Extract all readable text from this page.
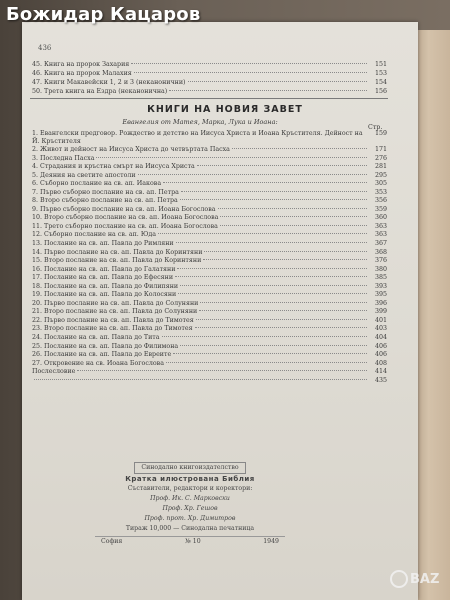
Божидар Кацаров
436
45. Книга на пророк Захария	151
46. Книга на пророк Малахия	153
47. Книги Макавейски 1, 2 и 3 (неканонични)	154
50. Трета книга на Ездра (неканонична)	156
КНИГИ НА НОВИЯ ЗАВЕТ
Евангелия от Матея, Марка, Лука и Иоана:
Стр.
1. Евангелски предговор. Рождество и детство на Иисуса Христа и Иоана Кръстителя. Дейност на Й. Кръстителя
159
2. Живот и дейност на Иисуса Христа до четвъртата Пасха	171
3. Последна Пасха	276
4. Страдания и кръстна смърт на Иисуса Христа	281
5. Деяния на светите апостоли	295
6. Съборно послание на св. ап. Иакова	305
7. Първо съборно послание на св. ап. Петра	353
8. Второ съборно послание на св. ап. Петра	356
9. Първо съборно послание на св. ап. Иоана Богослова	359
10. Второ съборно послание на св. ап. Иоана Богослова	360
11. Трето съборно послание на св. ап. Иоана Богослова	363
12. Съборно послание на св. ап. Юда	363
13. Послание на св. ап. Павла до Римляни	367
14. Първо послание на св. ап. Павла до Коринтяни	368
15. Второ послание на св. ап. Павла до Коринтяни	376
16. Послание на св. ап. Павла до Галатяни	380
17. Послание на св. ап. Павла до Ефесяни	385
18. Послание на св. ап. Павла до Филипяни	393
19. Послание на св. ап. Павла до Колосяни	395
20. Първо послание на св. ап. Павла до Солуняни	396
21. Второ послание на св. ап. Павла до Солуняни	399
22. Първо послание на св. ап. Павла до Тимотея	401
23. Второ послание на св. ап. Павла до Тимотея	403
24. Послание на св. ап. Павла до Тита	404
25. Послание на св. ап. Павла до Филимона	406
26. Послание на св. ап. Павла до Евреите	406
27. Откровение на св. Иоана Богослова	408
Послесловие	414
435
Синодално книгоиздателство
Кратка илюстрована Библия
Съставители, редактори и коректори:
Проф. Ик. С. Марковски
Проф. Хр. Гешов
Проф. прот. Хр. Димитров
Тираж 10,000 — Синодална печатница
София	№ 10	1949
BAZ
